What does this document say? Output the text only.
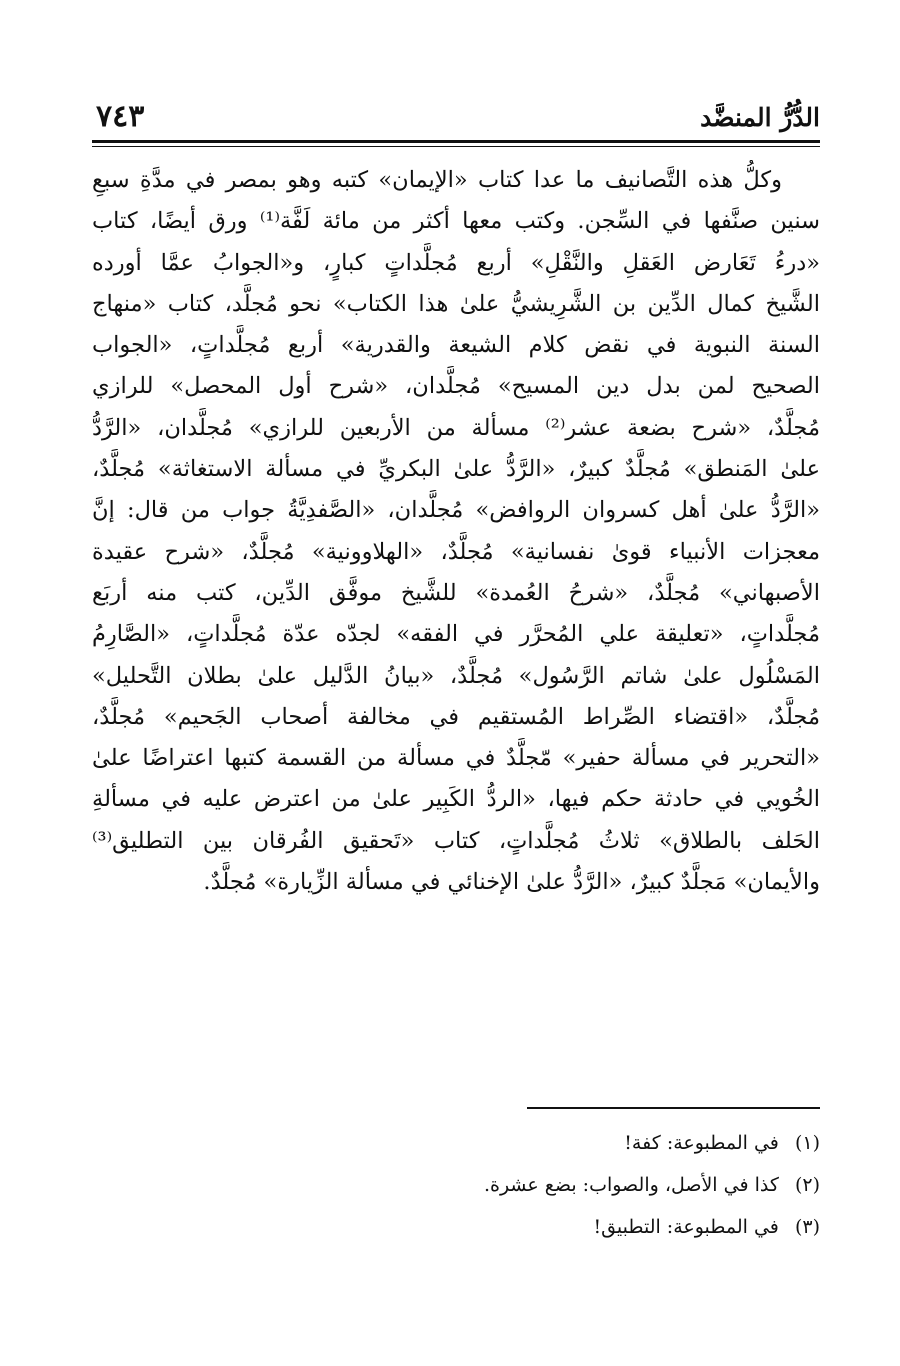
الدُّرُّ المنضَّد
٧٤٣
وكلُّ هذه التَّصانيف ما عدا كتاب «الإيمان» كتبه وهو بمصر في مدَّةِ سبعِ
سنين صنَّفها في السِّجن. وكتب معها أكثر من مائة لَفَّة⁽¹⁾ ورق أيضًا، كتاب
«درءُ تَعَارض العَقلِ والنَّقْلِ» أربع مُجلَّداتٍ كبارٍ، و«الجوابُ عمَّا أورده
الشَّيخ كمال الدِّين بن الشَّرِيشيُّ علىٰ هذا الكتاب» نحو مُجلَّد، كتاب «منهاج
السنة النبوية في نقض كلام الشيعة والقدرية» أربع مُجلَّداتٍ، «الجواب
الصحيح لمن بدل دين المسيح» مُجلَّدان، «شرح أول المحصل» للرازي
مُجلَّدٌ، «شرح بضعة عشر⁽²⁾ مسألة من الأربعين للرازي» مُجلَّدان، «الرَّدُّ
علىٰ المَنطق» مُجلَّدٌ كبيرٌ، «الرَّدُّ علىٰ البكريِّ في مسألة الاستغاثة» مُجلَّدٌ،
«الرَّدُّ علىٰ أهل كسروان الروافض» مُجلَّدان، «الصَّفدِيَّةُ جواب من قال: إنَّ
معجزات الأنبياء قوىٰ نفسانية» مُجلَّدٌ، «الهلاوونية» مُجلَّدٌ، «شرح عقيدة
الأصبهاني» مُجلَّدٌ، «شرحُ العُمدة» للشَّيخ موفَّق الدِّين، كتب منه أربَع
مُجلَّداتٍ، «تعليقة علي المُحرَّر في الفقه» لجدّه عدّة مُجلَّداتٍ، «الصَّارِمُ
المَسْلُول علىٰ شاتم الرَّسُول» مُجلَّدٌ، «بيانُ الدَّليل علىٰ بطلان التَّحليل»
مُجلَّدٌ، «اقتضاء الصِّراط المُستقيم في مخالفة أصحاب الجَحيم» مُجلَّدٌ،
«التحرير في مسألة حفير» مّجلَّدٌ في مسألة من القسمة كتبها اعتراضًا علىٰ
الخُويي في حادثة حكم فيها، «الردُّ الكَبِير علىٰ من اعترض عليه في مسألةِ
الحَلف بالطلاق» ثلاثُ مُجلَّداتٍ، كتاب «تَحقيق الفُرقان بين التطليق⁽³⁾
والأيمان» مَجلَّدٌ كبيرٌ، «الرَّدُّ علىٰ الإخنائي في مسألة الزِّيارة» مُجلَّدٌ.
(١) في المطبوعة: كفة!
(٢) كذا في الأصل، والصواب: بضع عشرة.
(٣) في المطبوعة: التطبيق!
